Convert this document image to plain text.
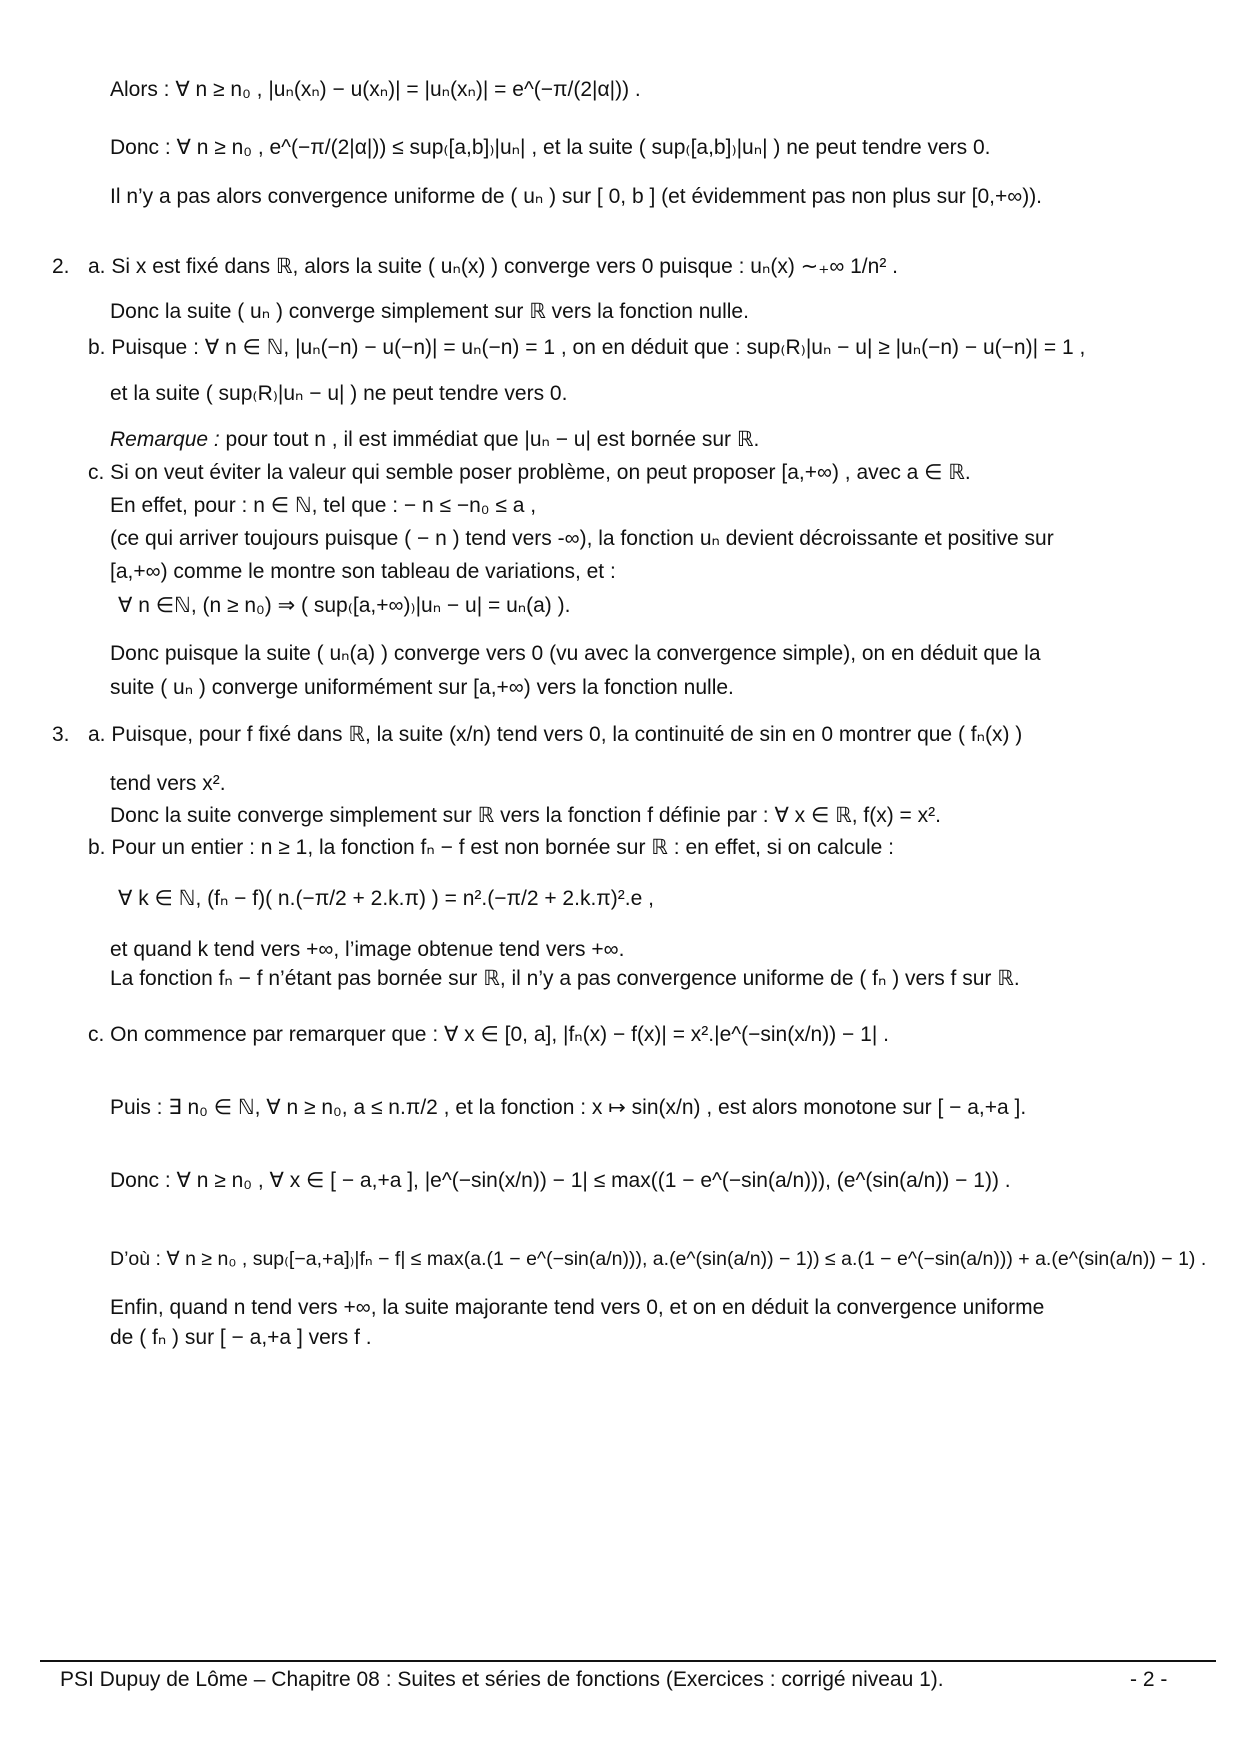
Alors : ∀ n ≥ n₀ , |uₙ(xₙ) − u(xₙ)| = |uₙ(xₙ)| = e^(−π/(2|α|)) .
Donc : ∀ n ≥ n₀ , e^(−π/(2|α|)) ≤ sup₍[a,b]₎|uₙ| , et la suite ( sup₍[a,b]₎|uₙ| ) ne peut tendre vers 0.
Il n’y a pas alors convergence uniforme de ( uₙ ) sur [ 0, b ] (et évidemment pas non plus sur [0,+∞)).
2. a. Si x est fixé dans ℝ, alors la suite ( uₙ(x) ) converge vers 0 puisque : uₙ(x) ∼₊∞ 1/n² .
Donc la suite ( uₙ ) converge simplement sur ℝ vers la fonction nulle.
b. Puisque : ∀ n ∈ ℕ, |uₙ(−n) − u(−n)| = uₙ(−n) = 1 , on en déduit que : sup₍R₎|uₙ − u| ≥ |uₙ(−n) − u(−n)| = 1 ,
et la suite ( sup₍R₎|uₙ − u| ) ne peut tendre vers 0.
Remarque : pour tout n , il est immédiat que |uₙ − u| est bornée sur ℝ.
c. Si on veut éviter la valeur qui semble poser problème, on peut proposer [a,+∞) , avec a ∈ ℝ.
En effet, pour : n ∈ ℕ, tel que : − n ≤ −n₀ ≤ a ,
(ce qui arriver toujours puisque ( − n ) tend vers -∞), la fonction uₙ devient décroissante et positive sur
[a,+∞) comme le montre son tableau de variations, et :
∀ n ∈ℕ, (n ≥ n₀) ⇒ ( sup₍[a,+∞)₎|uₙ − u| = uₙ(a) ).
Donc puisque la suite ( uₙ(a) ) converge vers 0 (vu avec la convergence simple), on en déduit que la
suite ( uₙ ) converge uniformément sur [a,+∞) vers la fonction nulle.
3. a. Puisque, pour f fixé dans ℝ, la suite (x/n) tend vers 0, la continuité de sin en 0 montrer que ( fₙ(x) )
tend vers x².
Donc la suite converge simplement sur ℝ vers la fonction f définie par : ∀ x ∈ ℝ, f(x) = x².
b. Pour un entier : n ≥ 1, la fonction fₙ − f est non bornée sur ℝ : en effet, si on calcule :
∀ k ∈ ℕ, (fₙ − f)( n.(−π/2 + 2.k.π) ) = n².(−π/2 + 2.k.π)².e ,
et quand k tend vers +∞, l’image obtenue tend vers +∞.
La fonction fₙ − f n’étant pas bornée sur ℝ, il n’y a pas convergence uniforme de ( fₙ ) vers f sur ℝ.
c. On commence par remarquer que : ∀ x ∈ [0, a], |fₙ(x) − f(x)| = x².|e^(−sin(x/n)) − 1| .
Puis : ∃ n₀ ∈ ℕ, ∀ n ≥ n₀, a ≤ n.π/2 , et la fonction : x ↦ sin(x/n) , est alors monotone sur [ − a,+a ].
Donc : ∀ n ≥ n₀ , ∀ x ∈ [ − a,+a ], |e^(−sin(x/n)) − 1| ≤ max((1 − e^(−sin(a/n))), (e^(sin(a/n)) − 1)) .
D’où : ∀ n ≥ n₀ , sup₍[−a,+a]₎|fₙ − f| ≤ max(a.(1 − e^(−sin(a/n))), a.(e^(sin(a/n)) − 1)) ≤ a.(1 − e^(−sin(a/n))) + a.(e^(sin(a/n)) − 1) .
Enfin, quand n tend vers +∞, la suite majorante tend vers 0, et on en déduit la convergence uniforme
de ( fₙ ) sur [ − a,+a ] vers f .
PSI Dupuy de Lôme – Chapitre 08 : Suites et séries de fonctions (Exercices : corrigé niveau 1).	- 2 -
